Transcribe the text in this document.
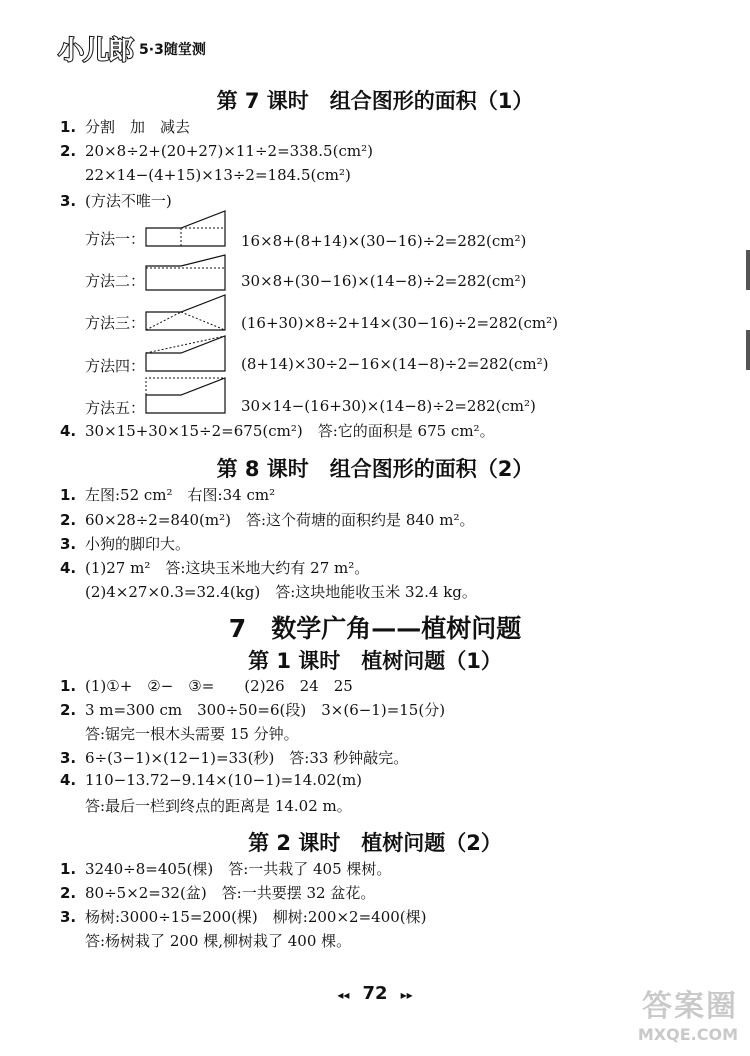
小儿郎 5·3随堂测
第 7 课时　组合图形的面积（1）
1. 分割　加　减去
2. 20×8÷2+(20+27)×11÷2=338.5(cm²)
22×14−(4+15)×13÷2=184.5(cm²)
3. (方法不唯一)
方法一：	16×8+(8+14)×(30−16)÷2=282(cm²)
方法二：	30×8+(30−16)×(14−8)÷2=282(cm²)
方法三：	(16+30)×8÷2+14×(30−16)÷2=282(cm²)
方法四：	(8+14)×30÷2−16×(14−8)÷2=282(cm²)
方法五：	30×14−(16+30)×(14−8)÷2=282(cm²)
4. 30×15+30×15÷2=675(cm²)　答:它的面积是 675 cm²。
第 8 课时　组合图形的面积（2）
1. 左图:52 cm²　右图:34 cm²
2. 60×28÷2=840(m²)　答:这个荷塘的面积约是 840 m²。
3. 小狗的脚印大。
4. (1)27 m²　答:这块玉米地大约有 27 m²。
(2)4×27×0.3=32.4(kg)　答:这块地能收玉米 32.4 kg。
7　数学广角——植树问题
第 1 课时　植树问题（1）
1. (1)①+　②−　③=　　(2)26　24　25
2. 3 m=300 cm　300÷50=6(段)　3×(6−1)=15(分)
答:锯完一根木头需要 15 分钟。
3. 6÷(3−1)×(12−1)=33(秒)　答:33 秒钟敲完。
4. 110−13.72−9.14×(10−1)=14.02(m)
答:最后一栏到终点的距离是 14.02 m。
第 2 课时　植树问题（2）
1. 3240÷8=405(棵)　答:一共栽了 405 棵树。
2. 80÷5×2=32(盆)　答:一共要摆 32 盆花。
3. 杨树:3000÷15=200(棵)　柳树:200×2=400(棵)
答:杨树栽了 200 棵,柳树栽了 400 棵。
◂◂ 72 ▸▸	答案圈
MXQE.COM
